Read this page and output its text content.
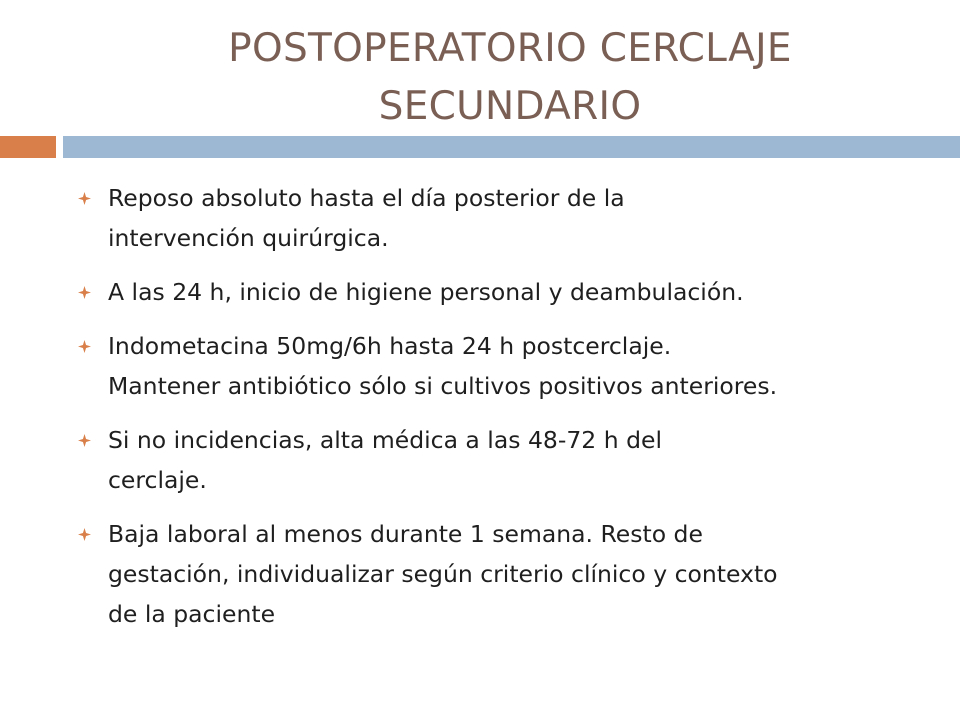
POSTOPERATORIO CERCLAJE
SECUNDARIO
Reposo absoluto hasta el día posterior de la
intervención quirúrgica.
A las 24 h, inicio de higiene personal y deambulación.
Indometacina 50mg/6h hasta 24 h postcerclaje.
Mantener antibiótico sólo si cultivos positivos anteriores.
Si no incidencias, alta médica a las 48-72 h del
cerclaje.
Baja laboral al menos durante 1 semana. Resto de
gestación, individualizar según criterio clínico y contexto
de la paciente
